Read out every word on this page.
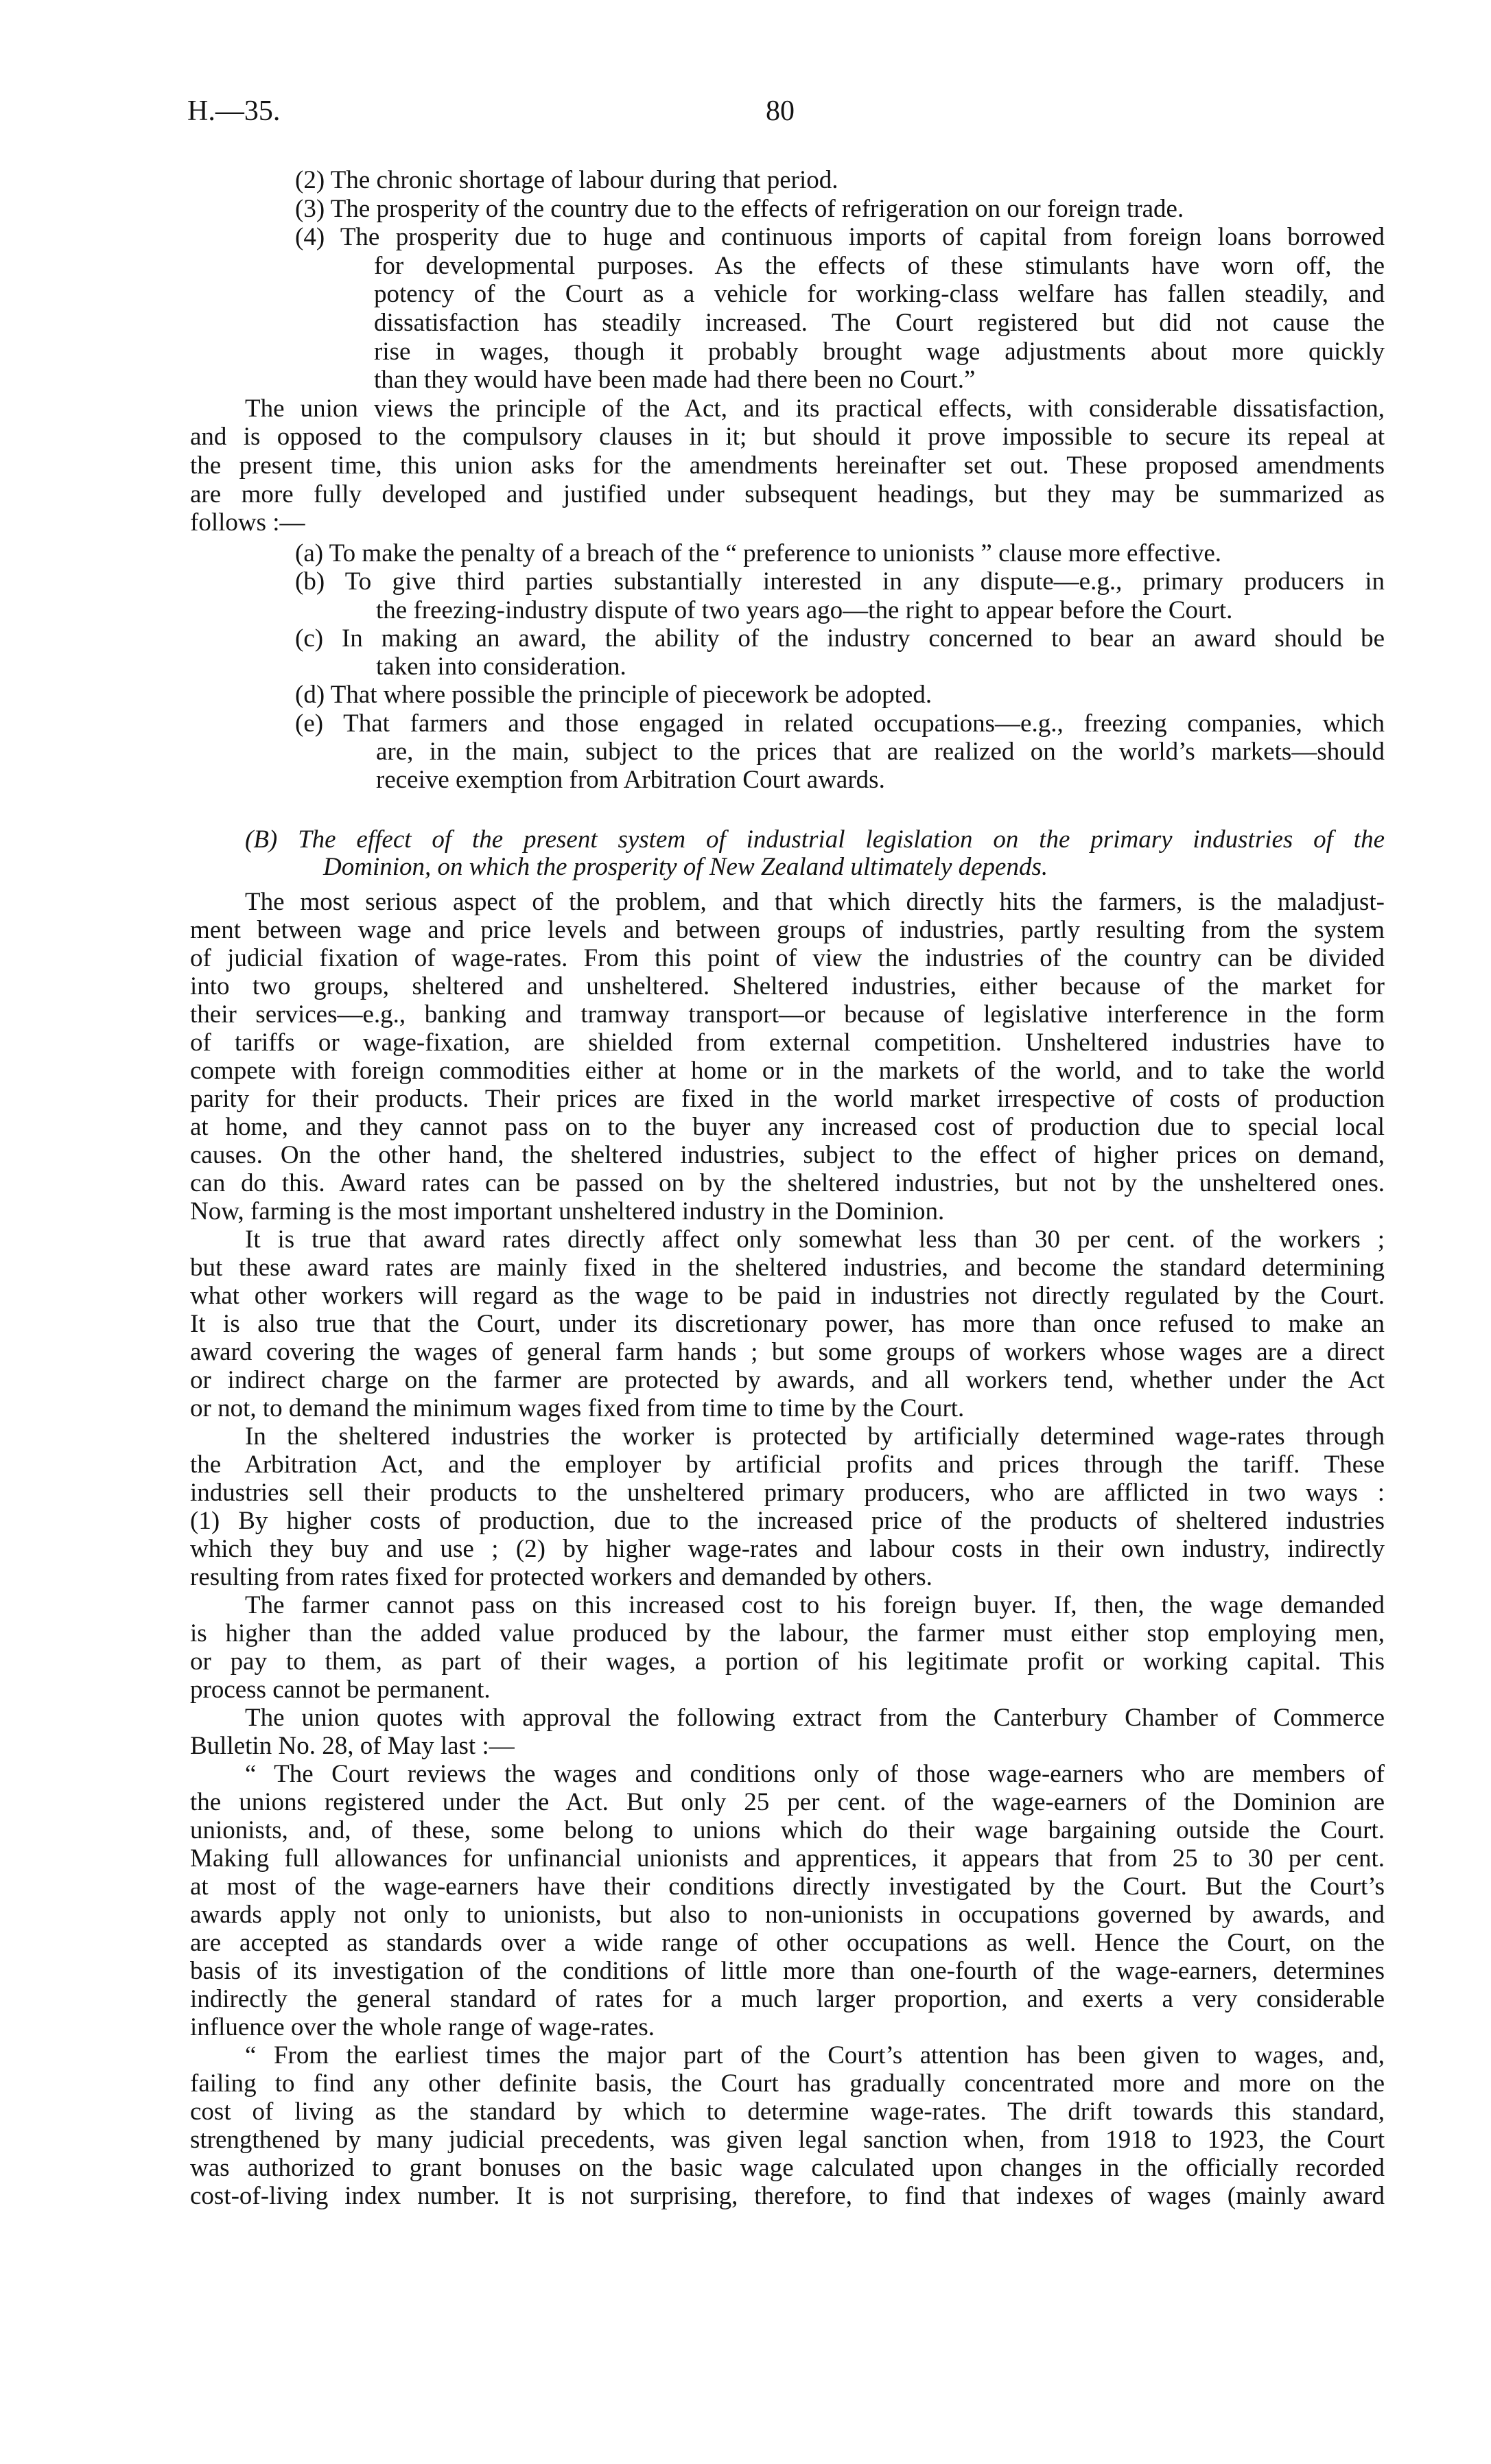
H.—35.	80
(2) The chronic shortage of labour during that period.
(3) The prosperity of the country due to the effects of refrigeration on our foreign trade.
(4) The prosperity due to huge and continuous imports of capital from foreign loans borrowed
for developmental purposes. As the effects of these stimulants have worn off, the
potency of the Court as a vehicle for working-class welfare has fallen steadily, and
dissatisfaction has steadily increased. The Court registered but did not cause the
rise in wages, though it probably brought wage adjustments about more quickly
than they would have been made had there been no Court.”
The union views the principle of the Act, and its practical effects, with considerable dissatisfaction,
and is opposed to the compulsory clauses in it; but should it prove impossible to secure its repeal at
the present time, this union asks for the amendments hereinafter set out. These proposed amendments
are more fully developed and justified under subsequent headings, but they may be summarized as
follows :—
(a) To make the penalty of a breach of the “ preference to unionists ” clause more effective.
(b) To give third parties substantially interested in any dispute—e.g., primary producers in
the freezing-industry dispute of two years ago—the right to appear before the Court.
(c) In making an award, the ability of the industry concerned to bear an award should be
taken into consideration.
(d) That where possible the principle of piecework be adopted.
(e) That farmers and those engaged in related occupations—e.g., freezing companies, which
are, in the main, subject to the prices that are realized on the world’s markets—should
receive exemption from Arbitration Court awards.
(B) The effect of the present system of industrial legislation on the primary industries of the
Dominion, on which the prosperity of New Zealand ultimately depends.
The most serious aspect of the problem, and that which directly hits the farmers, is the maladjust-
ment between wage and price levels and between groups of industries, partly resulting from the system
of judicial fixation of wage-rates. From this point of view the industries of the country can be divided
into two groups, sheltered and unsheltered. Sheltered industries, either because of the market for
their services—e.g., banking and tramway transport—or because of legislative interference in the form
of tariffs or wage-fixation, are shielded from external competition. Unsheltered industries have to
compete with foreign commodities either at home or in the markets of the world, and to take the world
parity for their products. Their prices are fixed in the world market irrespective of costs of production
at home, and they cannot pass on to the buyer any increased cost of production due to special local
causes. On the other hand, the sheltered industries, subject to the effect of higher prices on demand,
can do this. Award rates can be passed on by the sheltered industries, but not by the unsheltered ones.
Now, farming is the most important unsheltered industry in the Dominion.
It is true that award rates directly affect only somewhat less than 30 per cent. of the workers ;
but these award rates are mainly fixed in the sheltered industries, and become the standard determining
what other workers will regard as the wage to be paid in industries not directly regulated by the Court.
It is also true that the Court, under its discretionary power, has more than once refused to make an
award covering the wages of general farm hands ; but some groups of workers whose wages are a direct
or indirect charge on the farmer are protected by awards, and all workers tend, whether under the Act
or not, to demand the minimum wages fixed from time to time by the Court.
In the sheltered industries the worker is protected by artificially determined wage-rates through
the Arbitration Act, and the employer by artificial profits and prices through the tariff. These
industries sell their products to the unsheltered primary producers, who are afflicted in two ways :
(1) By higher costs of production, due to the increased price of the products of sheltered industries
which they buy and use ; (2) by higher wage-rates and labour costs in their own industry, indirectly
resulting from rates fixed for protected workers and demanded by others.
The farmer cannot pass on this increased cost to his foreign buyer. If, then, the wage demanded
is higher than the added value produced by the labour, the farmer must either stop employing men,
or pay to them, as part of their wages, a portion of his legitimate profit or working capital. This
process cannot be permanent.
The union quotes with approval the following extract from the Canterbury Chamber of Commerce
Bulletin No. 28, of May last :—
“ The Court reviews the wages and conditions only of those wage-earners who are members of
the unions registered under the Act. But only 25 per cent. of the wage-earners of the Dominion are
unionists, and, of these, some belong to unions which do their wage bargaining outside the Court.
Making full allowances for unfinancial unionists and apprentices, it appears that from 25 to 30 per cent.
at most of the wage-earners have their conditions directly investigated by the Court. But the Court’s
awards apply not only to unionists, but also to non-unionists in occupations governed by awards, and
are accepted as standards over a wide range of other occupations as well. Hence the Court, on the
basis of its investigation of the conditions of little more than one-fourth of the wage-earners, determines
indirectly the general standard of rates for a much larger proportion, and exerts a very considerable
influence over the whole range of wage-rates.
“ From the earliest times the major part of the Court’s attention has been given to wages, and,
failing to find any other definite basis, the Court has gradually concentrated more and more on the
cost of living as the standard by which to determine wage-rates. The drift towards this standard,
strengthened by many judicial precedents, was given legal sanction when, from 1918 to 1923, the Court
was authorized to grant bonuses on the basic wage calculated upon changes in the officially recorded
cost-of-living index number. It is not surprising, therefore, to find that indexes of wages (mainly award
